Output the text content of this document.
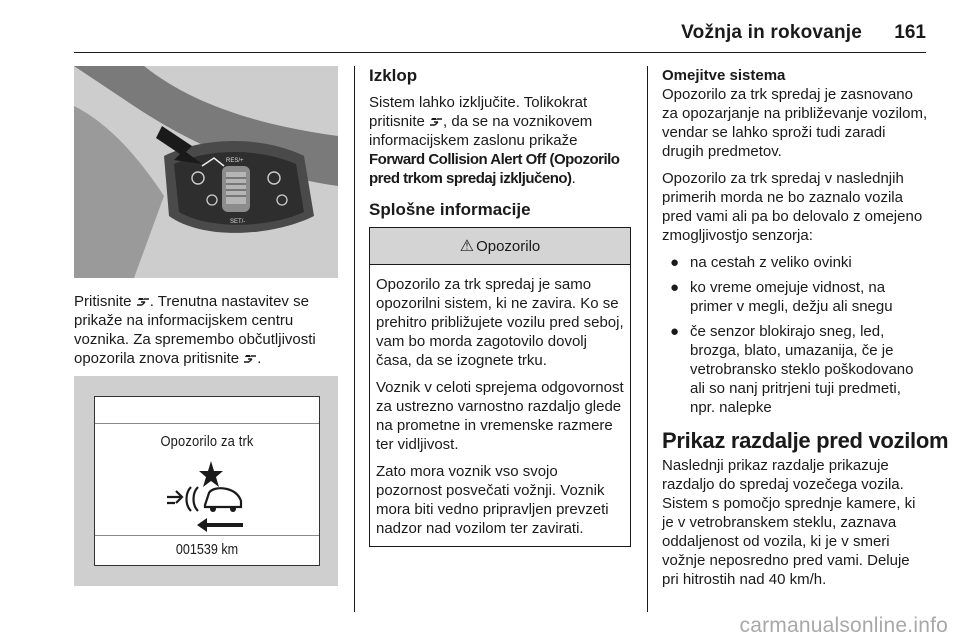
Vožnja in rokovanje	161
RES/+
SET/-

Pritisnite . Trenutna nastavitev se prikaže na informacijskem centru voznika. Za spremembo občutljivosti opozorila znova pritisnite .

Opozorilo za trk
001539 km
Izklop

Sistem lahko izključite. Tolikokrat pritisnite , da se na voznikovem informacijskem zaslonu prikaže Forward Collision Alert Off (Opozorilo pred trkom spredaj izključeno).

Splošne informacije
⚠ Opozorilo

Opozorilo za trk spredaj je samo opozorilni sistem, ki ne zavira. Ko se prehitro približujete vozilu pred seboj, vam bo morda zagotovilo dovolj časa, da se izognete trku.

Voznik v celoti sprejema odgovornost za ustrezno varnostno razdaljo glede na prometne in vremenske razmere ter vidljivost.

Zato mora voznik vso svojo pozornost posvečati vožnji. Voznik mora biti vedno pripravljen prevzeti nadzor nad vozilom ter zavirati.

Omejitve sistema

Opozorilo za trk spredaj je zasnovano za opozarjanje na približevanje vozilom, vendar se lahko sproži tudi zaradi drugih predmetov.

Opozorilo za trk spredaj v naslednjih primerih morda ne bo zaznalo vozila pred vami ali pa bo delovalo z omejeno zmogljivostjo senzorja:

● na cestah z veliko ovinki
● ko vreme omejuje vidnost, na primer v megli, dežju ali snegu
● če senzor blokirajo sneg, led, brozga, blato, umazanija, če je vetrobransko steklo poškodovano ali so nanj pritrjeni tuji predmeti, npr. nalepke
Prikaz razdalje pred vozilom

Naslednji prikaz razdalje prikazuje razdaljo do spredaj vozečega vozila. Sistem s pomočjo sprednje kamere, ki je v vetrobranskem steklu, zaznava oddaljenost od vozila, ki je v smeri vožnje neposredno pred vami. Deluje pri hitrostih nad 40 km/h.

carmanualsonline.info
